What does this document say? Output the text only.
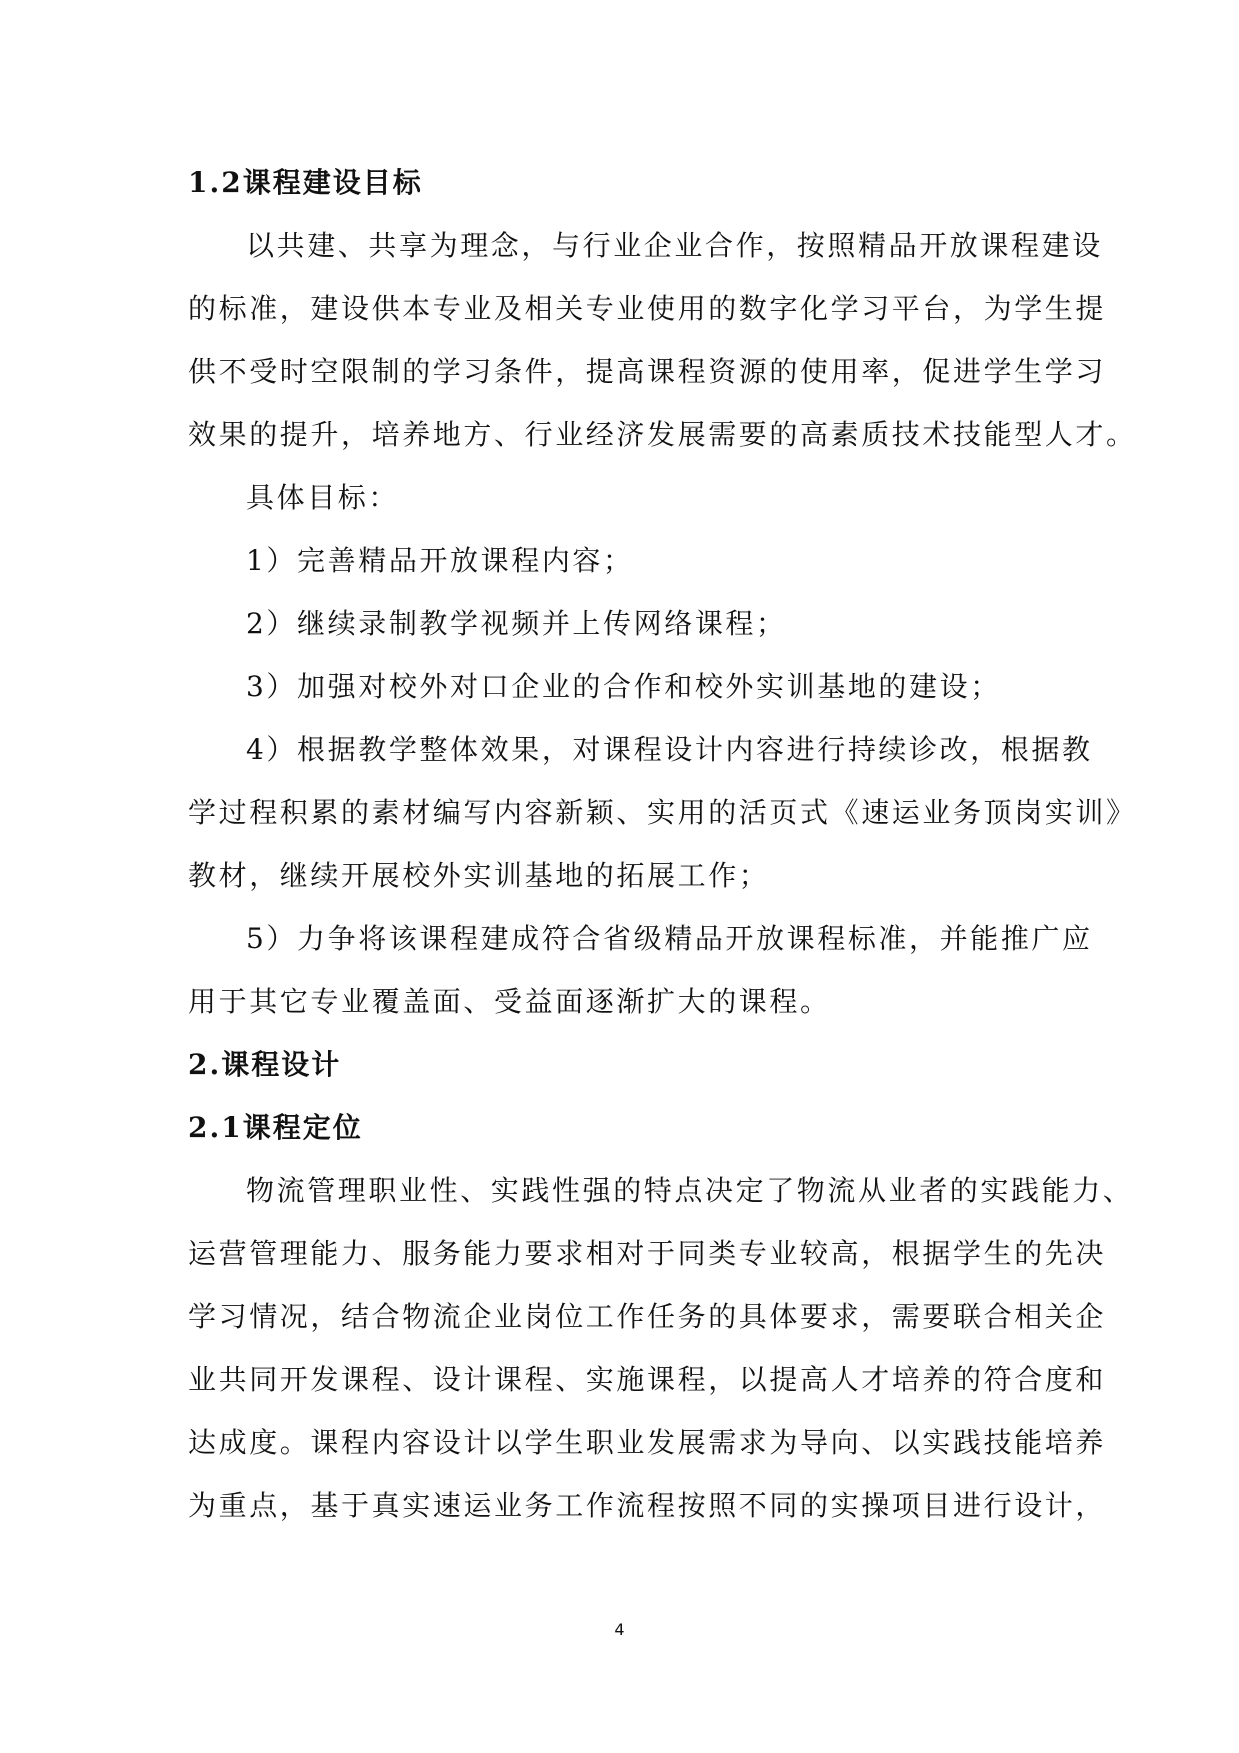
1.2课程建设目标
以共建、共享为理念，与行业企业合作，按照精品开放课程建设
的标准，建设供本专业及相关专业使用的数字化学习平台，为学生提
供不受时空限制的学习条件，提高课程资源的使用率，促进学生学习
效果的提升，培养地方、行业经济发展需要的高素质技术技能型人才。
具体目标：
1）完善精品开放课程内容；
2）继续录制教学视频并上传网络课程；
3）加强对校外对口企业的合作和校外实训基地的建设；
4）根据教学整体效果，对课程设计内容进行持续诊改，根据教
学过程积累的素材编写内容新颖、实用的活页式《速运业务顶岗实训》
教材，继续开展校外实训基地的拓展工作；
5）力争将该课程建成符合省级精品开放课程标准，并能推广应
用于其它专业覆盖面、受益面逐渐扩大的课程。
2.课程设计
2.1课程定位
物流管理职业性、实践性强的特点决定了物流从业者的实践能力、
运营管理能力、服务能力要求相对于同类专业较高，根据学生的先决
学习情况，结合物流企业岗位工作任务的具体要求，需要联合相关企
业共同开发课程、设计课程、实施课程，以提高人才培养的符合度和
达成度。课程内容设计以学生职业发展需求为导向、以实践技能培养
为重点，基于真实速运业务工作流程按照不同的实操项目进行设计，
4
